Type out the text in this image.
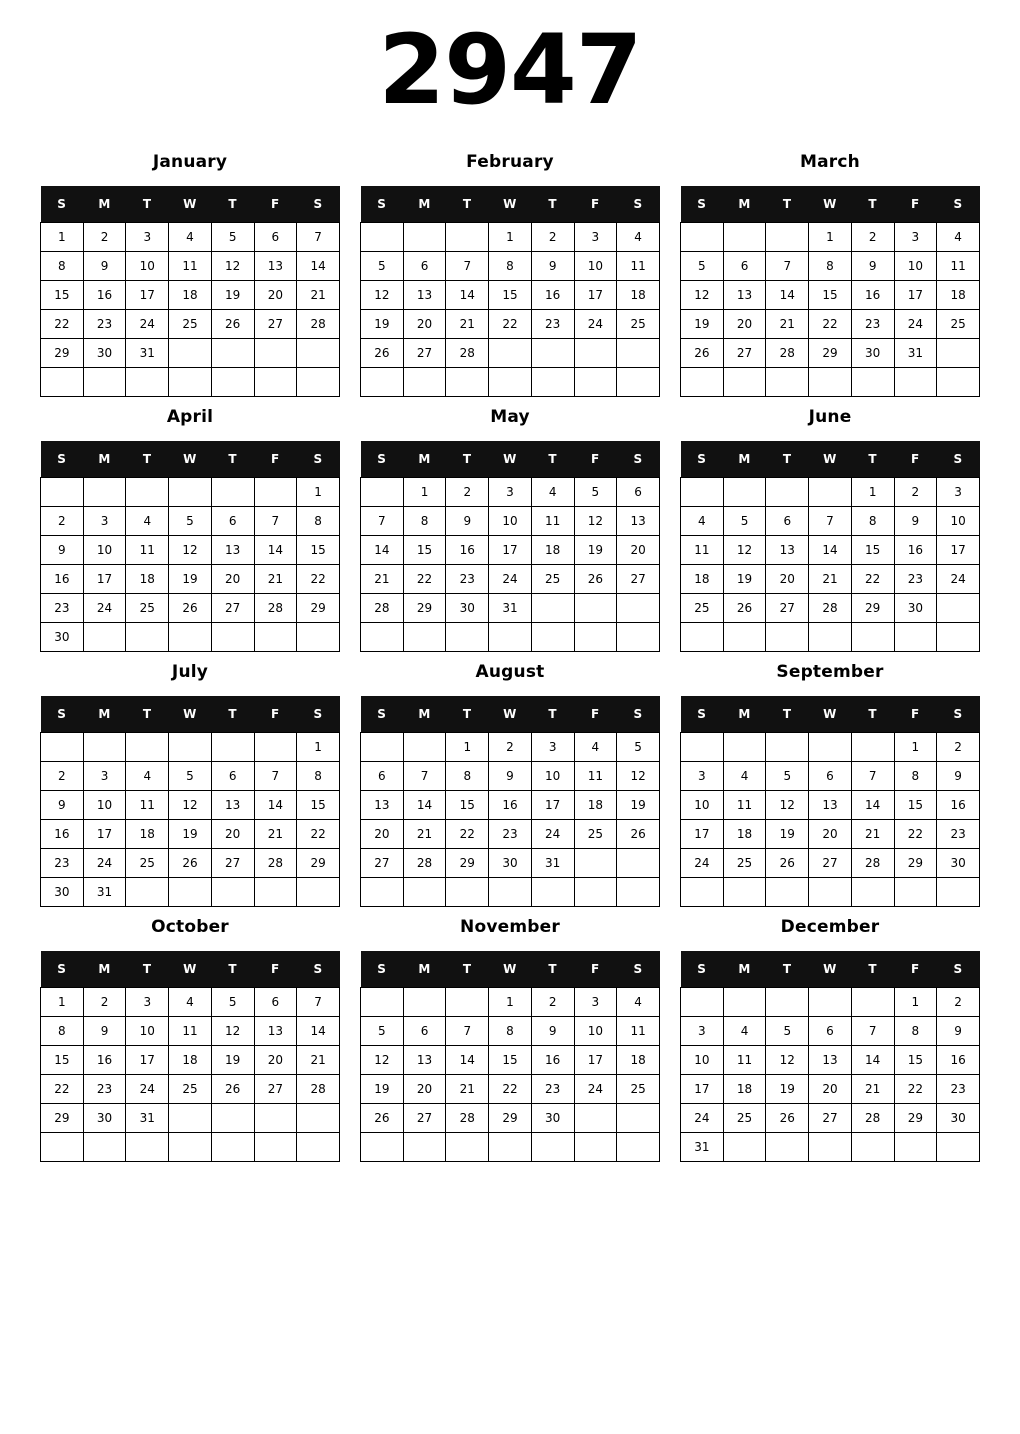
2947
January
S	M	T	W	T	F	S
1	2	3	4	5	6	7
8	9	10	11	12	13	14
15	16	17	18	19	20	21
22	23	24	25	26	27	28
29	30	31				

February
S	M	T	W	T	F	S
			1	2	3	4
5	6	7	8	9	10	11
12	13	14	15	16	17	18
19	20	21	22	23	24	25
26	27	28				

March
S	M	T	W	T	F	S
			1	2	3	4
5	6	7	8	9	10	11
12	13	14	15	16	17	18
19	20	21	22	23	24	25
26	27	28	29	30	31	

April
S	M	T	W	T	F	S
						1
2	3	4	5	6	7	8
9	10	11	12	13	14	15
16	17	18	19	20	21	22
23	24	25	26	27	28	29
30						
May
S	M	T	W	T	F	S
	1	2	3	4	5	6
7	8	9	10	11	12	13
14	15	16	17	18	19	20
21	22	23	24	25	26	27
28	29	30	31			

June
S	M	T	W	T	F	S
				1	2	3
4	5	6	7	8	9	10
11	12	13	14	15	16	17
18	19	20	21	22	23	24
25	26	27	28	29	30	

July
S	M	T	W	T	F	S
						1
2	3	4	5	6	7	8
9	10	11	12	13	14	15
16	17	18	19	20	21	22
23	24	25	26	27	28	29
30	31					
August
S	M	T	W	T	F	S
		1	2	3	4	5
6	7	8	9	10	11	12
13	14	15	16	17	18	19
20	21	22	23	24	25	26
27	28	29	30	31		

September
S	M	T	W	T	F	S
					1	2
3	4	5	6	7	8	9
10	11	12	13	14	15	16
17	18	19	20	21	22	23
24	25	26	27	28	29	30

October
S	M	T	W	T	F	S
1	2	3	4	5	6	7
8	9	10	11	12	13	14
15	16	17	18	19	20	21
22	23	24	25	26	27	28
29	30	31				

November
S	M	T	W	T	F	S
			1	2	3	4
5	6	7	8	9	10	11
12	13	14	15	16	17	18
19	20	21	22	23	24	25
26	27	28	29	30		

December
S	M	T	W	T	F	S
					1	2
3	4	5	6	7	8	9
10	11	12	13	14	15	16
17	18	19	20	21	22	23
24	25	26	27	28	29	30
31						
